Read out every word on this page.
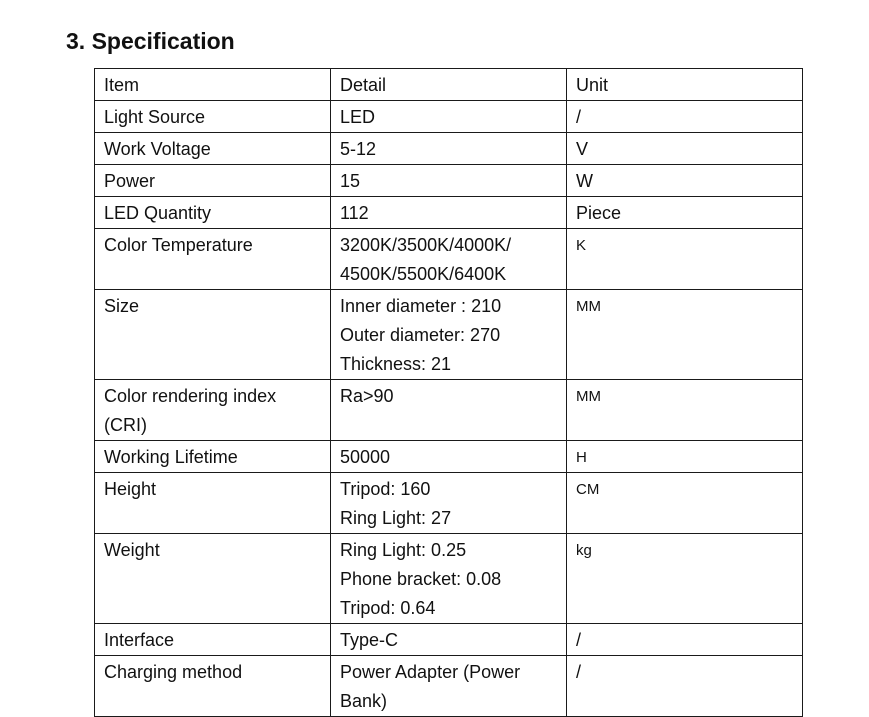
3. Specification
Item	Detail	Unit

Light Source	LED	/

Work Voltage	5-12	V

Power	15	W

LED Quantity	112	Piece

Color Temperature	3200K/3500K/4000K/
4500K/5500K/6400K	K

Size	Inner diameter : 210
Outer diameter: 270
Thickness: 21	MM

Color rendering index
(CRI)	Ra>90	MM

Working Lifetime	50000	H

Height	Tripod: 160
Ring Light: 27	CM

Weight	Ring Light: 0.25
Phone bracket: 0.08
Tripod: 0.64	kg

Interface	Type-C	/

Charging method	Power Adapter (Power
Bank)	/
